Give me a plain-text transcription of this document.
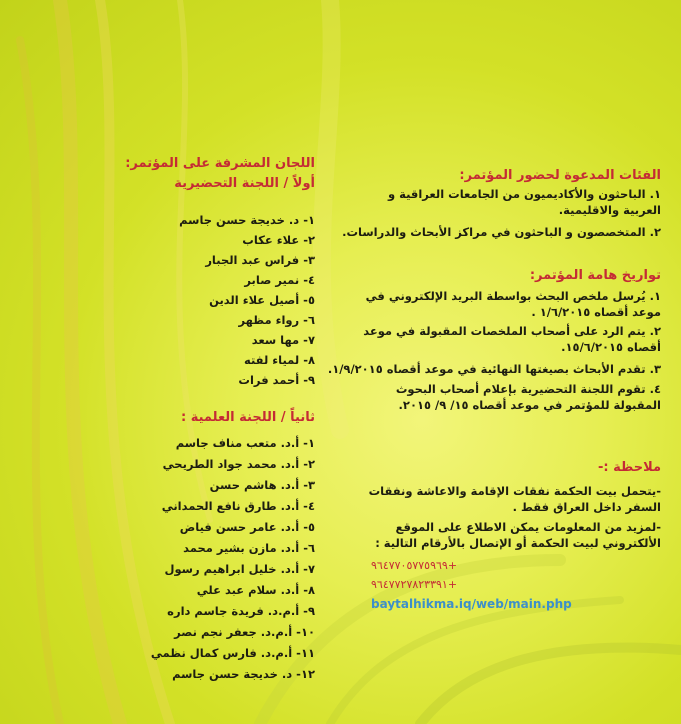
الفئات المدعوة لحضور المؤتمر:
١. الباحثون والأكاديميون من الجامعات العراقية و العربية والاقليمية.
٢. المتخصصون و الباحثون في مراكز الأبحاث والدراسات.
تواريخ هامة المؤتمر:
١. يُرسل ملخص البحث بواسطة البريد الإلكتروني في موعد أقصاه ١/٦/٢٠١٥ .
٢. يتم الرد على أصحاب الملخصات المقبولة في موعد أقصاه ١٥/٦/٢٠١٥.
٣. تقدم الأبحاث بصيغتها النهائية في موعد أقصاه ١/٩/٢٠١٥.
٤. تقوم اللجنة التحضيرية بإعلام أصحاب البحوث المقبولة للمؤتمر في موعد أقصاه ١٥/ ٩/ ٢٠١٥.
ملاحظة :-
-يتحمل بيت الحكمة نفقات الإقامة والاعاشة ونفقات السفر داخل العراق فقط .
-لمزيد من المعلومات يمكن الاطلاع على الموقع الألكتروني لبيت الحكمة أو الإتصال بالأرقام التالية :
+٩٦٤٧٧٠٥٧٧٥٩٦٩
+٩٦٤٧٧٢٧٨٢٣٣٩١
baytalhikma.iq/web/main.php
اللجان المشرفة على المؤتمر:
أولاً / اللجنة التحضيرية
١- د. خديجة حسن جاسم
٢- علاء عكاب
٣- فراس عبد الجبار
٤- نمير صابر
٥- أصيل علاء الدين
٦- رواء مظهر
٧- مها سعد
٨- لمياء لفته
٩- أحمد فرات
ثانياً / اللجنة العلمية :
١- أ.د. متعب مناف جاسم
٢- أ.د. محمد جواد الطريحي
٣- أ.د. هاشم حسن
٤- أ.د. طارق نافع الحمداني
٥- أ.د. عامر حسن فياض
٦- أ.د. مازن بشير محمد
٧- أ.د. خليل ابراهيم رسول
٨- أ.د. سلام عبد علي
٩- أ.م.د. فريدة جاسم داره
١٠- أ.م.د. جعفر نجم نصر
١١- أ.م.د. فارس كمال نظمي
١٢- د. خديجة حسن جاسم
